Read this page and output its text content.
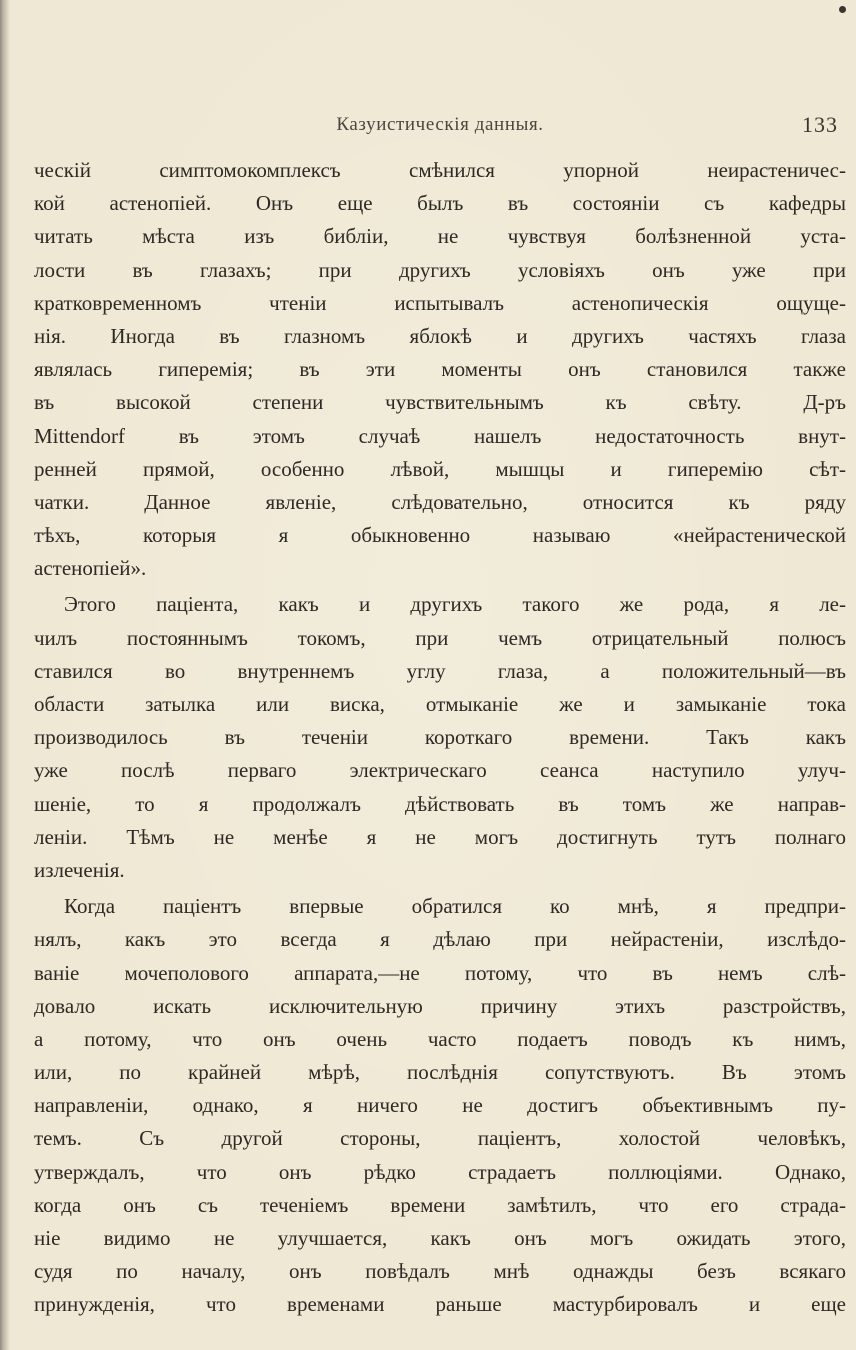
Казуистическія данныя.	133
ческій симптомокомплексъ смѣнился упорной неирастеничес-
кой астенопіей. Онъ еще былъ въ состояніи съ кафедры
читать мѣста изъ библіи, не чувствуя болѣзненной уста-
лости въ глазахъ; при другихъ условіяхъ онъ уже при
кратковременномъ чтеніи испытывалъ астенопическія ощуще-
нія. Иногда въ глазномъ яблокѣ и другихъ частяхъ глаза
являлась гиперемія; въ эти моменты онъ становился также
въ высокой степени чувствительнымъ къ свѣту. Д-ръ
Mittendorf въ этомъ случаѣ нашелъ недостаточность внут-
ренней прямой, особенно лѣвой, мышцы и гиперемію сѣт-
чатки. Данное явленіе, слѣдовательно, относится къ ряду
тѣхъ, которыя я обыкновенно называю «нейрастенической
астенопіей».
Этого паціента, какъ и другихъ такого же рода, я ле-
чилъ постояннымъ токомъ, при чемъ отрицательный полюсъ
ставился во внутреннемъ углу глаза, а положительный—въ
области затылка или виска, отмыканіе же и замыканіе тока
производилось въ теченіи короткаго времени. Такъ какъ
уже послѣ перваго электрическаго сеанса наступило улуч-
шеніе, то я продолжалъ дѣйствовать въ томъ же направ-
леніи. Тѣмъ не менѣе я не могъ достигнуть тутъ полнаго
излеченія.
Когда паціентъ впервые обратился ко мнѣ, я предпри-
нялъ, какъ это всегда я дѣлаю при нейрастеніи, изслѣдо-
ваніе мочеполового аппарата,—не потому, что въ немъ слѣ-
довало искать исключительную причину этихъ разстройствъ,
а потому, что онъ очень часто подаетъ поводъ къ нимъ,
или, по крайней мѣрѣ, послѣднія сопутствуютъ. Въ этомъ
направленіи, однако, я ничего не достигъ объективнымъ пу-
темъ. Съ другой стороны, паціентъ, холостой человѣкъ,
утверждалъ, что онъ рѣдко страдаетъ поллюціями. Однако,
когда онъ съ теченіемъ времени замѣтилъ, что его страда-
ніе видимо не улучшается, какъ онъ могъ ожидать этого,
судя по началу, онъ повѣдалъ мнѣ однажды безъ всякаго
принужденія, что временами раньше мастурбировалъ и еще
